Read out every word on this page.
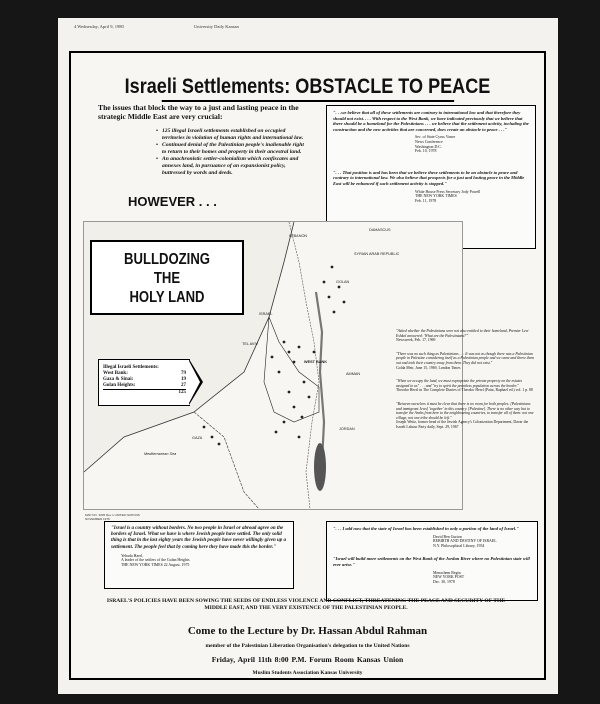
4 Wednesday, April 9, 1980	University Daily Kansan
Israeli Settlements: OBSTACLE TO PEACE
The issues that block the way to a just and lasting peace in the strategic Middle East are very crucial:
• 125 illegal Israeli settlements established on occupied territories in violation of human rights and international law.
• Continued denial of the Palestinian people's inalienable right to return to their homes and property in their ancestral land.
• An anachronistic settler-colonialism which confiscates and annexes land, in pursuance of an expansionist policy, buttressed by words and deeds.
HOWEVER . . .

". . .we believe that all of these settlements are contrary to international law and that therefore they should not exist. . . . With respect to the West Bank, we have indicated previously that we believe that there should be a homeland for the Palestinians . . . we believe that the settlement activity, including the construction and the new activities that are concerned, does create an obstacle to peace . . ."

Sec. of State Cyrus Vance
News Conference
Washington D.C.
Feb. 10, 1978

". . . That position is and has been that we believe these settlements to be an obstacle to peace and contrary to international law. We also believe that prospects for a just and lasting peace in the Middle East will be enhanced if such settlement activity is stopped."

White House Press Secretary Jody Powell
THE NEW YORK TIMES
Feb. 11, 1978
LEBANON
DAMASCUS
SYRIAN ARAB REPUBLIC
GOLAN
ISRAEL
WEST BANK
AMMAN
JORDAN
TEL AVIV
GAZA
Mediterranean Sea
BULLDOZING
THE
HOLY LAND
Illegal Israeli Settlements:
West Bank:	79
Gaza & Sinai:	19
Golan Heights:	27
125

"Asked whether the Palestinians were not also entitled to their homeland, Premier Levi Eshkol answered: 'What are the Palestinians?'"
Newsweek, Feb. 17, 1969

"There was no such thing as Palestinians . . . It was not as though there was a Palestinian people in Palestine considering itself as a Palestinian people and we came and threw them out and took their country away from them. They did not exist."
Golda Meir, June 15, 1969, London Times

"When we occupy the land, we must expropriate the private property on the estates assigned to us" . . . and "try to spirit the penniless population across the border."
Theodor Herzl in The Complete Diaries of Theodor Herzl (Patai, Raphael ed.) vol. 1 p. 88

"Between ourselves it must be clear that there is no room for both peoples. [Palestinians and immigrant Jews] 'together' in this country. [Palestine]. There is no other way but to transfer the Arabs from here to the neighbouring countries, to transfer all of them: not one village, not one tribe should be left."
Joseph Weitz, former head of the Jewish Agency's Colonization Department, Davar the Israeli Labour Party daily, Sept. 29, 1967

MAP NO. 3005 Rev 1 UNITED NATIONS
NOVEMBER 1978
"Israel is a country without borders. No two people in Israel or abroad agree on the borders of Israel. What we have is where Jewish people have settled. The only solid thing is that in the last eighty years the Jewish people have never willingly given up a settlement. The people feel that by coming here they have made this the border."
Yehuda Harel,
A leader of the settlers of the Golan Heights
THE NEW YORK TIMES 22 August, 1975
". . . I add now that the state of Israel has been established in only a portion of the land of Israel."
David Ben Gurion
REBIRTH AND DESTINY OF ISRAEL
N.Y. Philosophical Library, 1954
"Israel will build more settlements on the West Bank of the Jordan River where no Palestinian state will ever arise."
Menachem Begin
NEW YORK POST
Dec. 30, 1978
ISRAEL'S POLICIES HAVE BEEN SOWING THE SEEDS OF ENDLESS VIOLENCE AND CONFLICT, THREATENING THE PEACE AND SECURITY OF THE MIDDLE EAST, AND THE VERY EXISTENCE OF THE PALESTINIAN PEOPLE.
Come to the Lecture by Dr. Hassan Abdul Rahman
member of the Palestinian Liberation Organisation's delegation to the United Nations
Friday, April 11th 8:00 P.M. Forum Room Kansas Union
Muslim Students Association Kansas University
